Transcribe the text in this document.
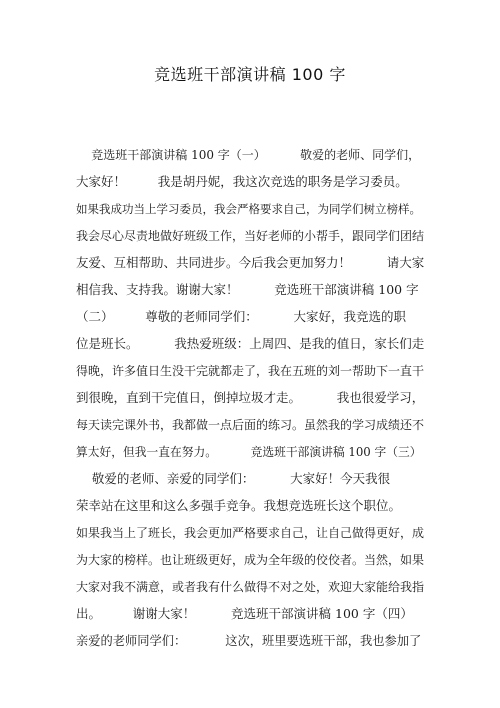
竞选班干部演讲稿 100 字
竞选班干部演讲稿 100 字（一）         敬爱的老师、同学们，
大家好！        我是胡丹妮，我这次竞选的职务是学习委员。
如果我成功当上学习委员，我会严格要求自己，为同学们树立榜样。
我会尽心尽责地做好班级工作，当好老师的小帮手，跟同学们团结
友爱、互相帮助、共同进步。今后我会更加努力！         请大家
相信我、支持我。谢谢大家！         竞选班干部演讲稿 100 字
（二）        尊敬的老师同学们：         大家好，我竞选的职
位是班长。         我热爱班级：上周四、是我的值日，家长们走
得晚，许多值日生没干完就都走了，我在五班的刘一帮助下一直干
到很晚，直到干完值日，倒掉垃圾才走。         我也很爱学习，
每天读完课外书，我都做一点后面的练习。虽然我的学习成绩还不
算太好，但我一直在努力。         竞选班干部演讲稿 100 字（三）
敬爱的老师、亲爱的同学们：         大家好！今天我很
荣幸站在这里和这么多强手竞争。我想竞选班长这个职位。
如果我当上了班长，我会更加严格要求自己，让自己做得更好，成
为大家的榜样。也让班级更好，成为全年级的佼佼者。当然，如果
大家对我不满意，或者我有什么做得不对之处，欢迎大家能给我指
出。        谢谢大家！         竞选班干部演讲稿 100 字（四）
亲爱的老师同学们：          这次，班里要选班干部，我也参加了
